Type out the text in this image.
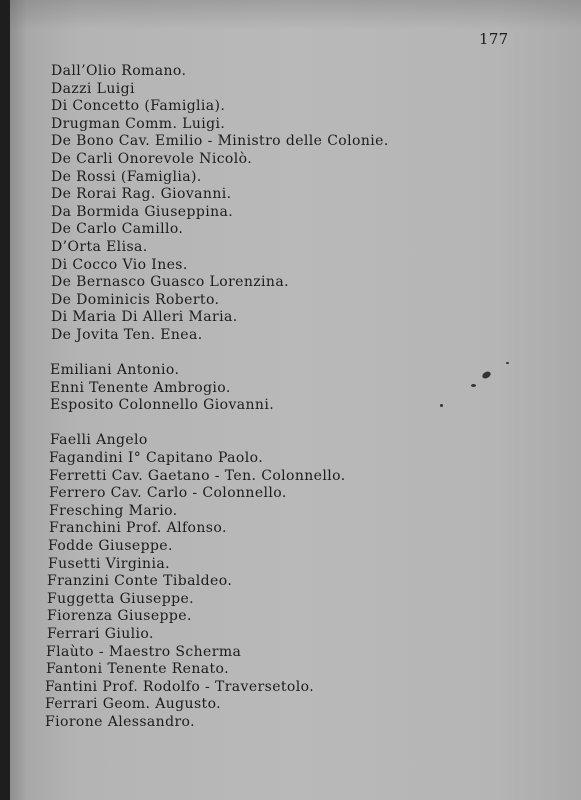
177
Dall’Olio Romano.
Dazzi Luigi
Di Concetto (Famiglia).
Drugman Comm. Luigi.
De Bono Cav. Emilio - Ministro delle Colonie.
De Carli Onorevole Nicolò.
De Rossi (Famiglia).
De Rorai Rag. Giovanni.
Da Bormida Giuseppina.
De Carlo Camillo.
D’Orta Elisa.
Di Cocco Vio Ines.
De Bernasco Guasco Lorenzina.
De Dominicis Roberto.
Di Maria Di Alleri Maria.
De Jovita Ten. Enea.
Emiliani Antonio.
Enni Tenente Ambrogio.
Esposito Colonnello Giovanni.
Faelli Angelo
Fagandini I° Capitano Paolo.
Ferretti Cav. Gaetano - Ten. Colonnello.
Ferrero Cav. Carlo - Colonnello.
Fresching Mario.
Franchini Prof. Alfonso.
Fodde Giuseppe.
Fusetti Virginia.
Franzini Conte Tibaldeo.
Fuggetta Giuseppe.
Fiorenza Giuseppe.
Ferrari Giulio.
Flaùto - Maestro Scherma
Fantoni Tenente Renato.
Fantini Prof. Rodolfo - Traversetolo.
Ferrari Geom. Augusto.
Fiorone Alessandro.
